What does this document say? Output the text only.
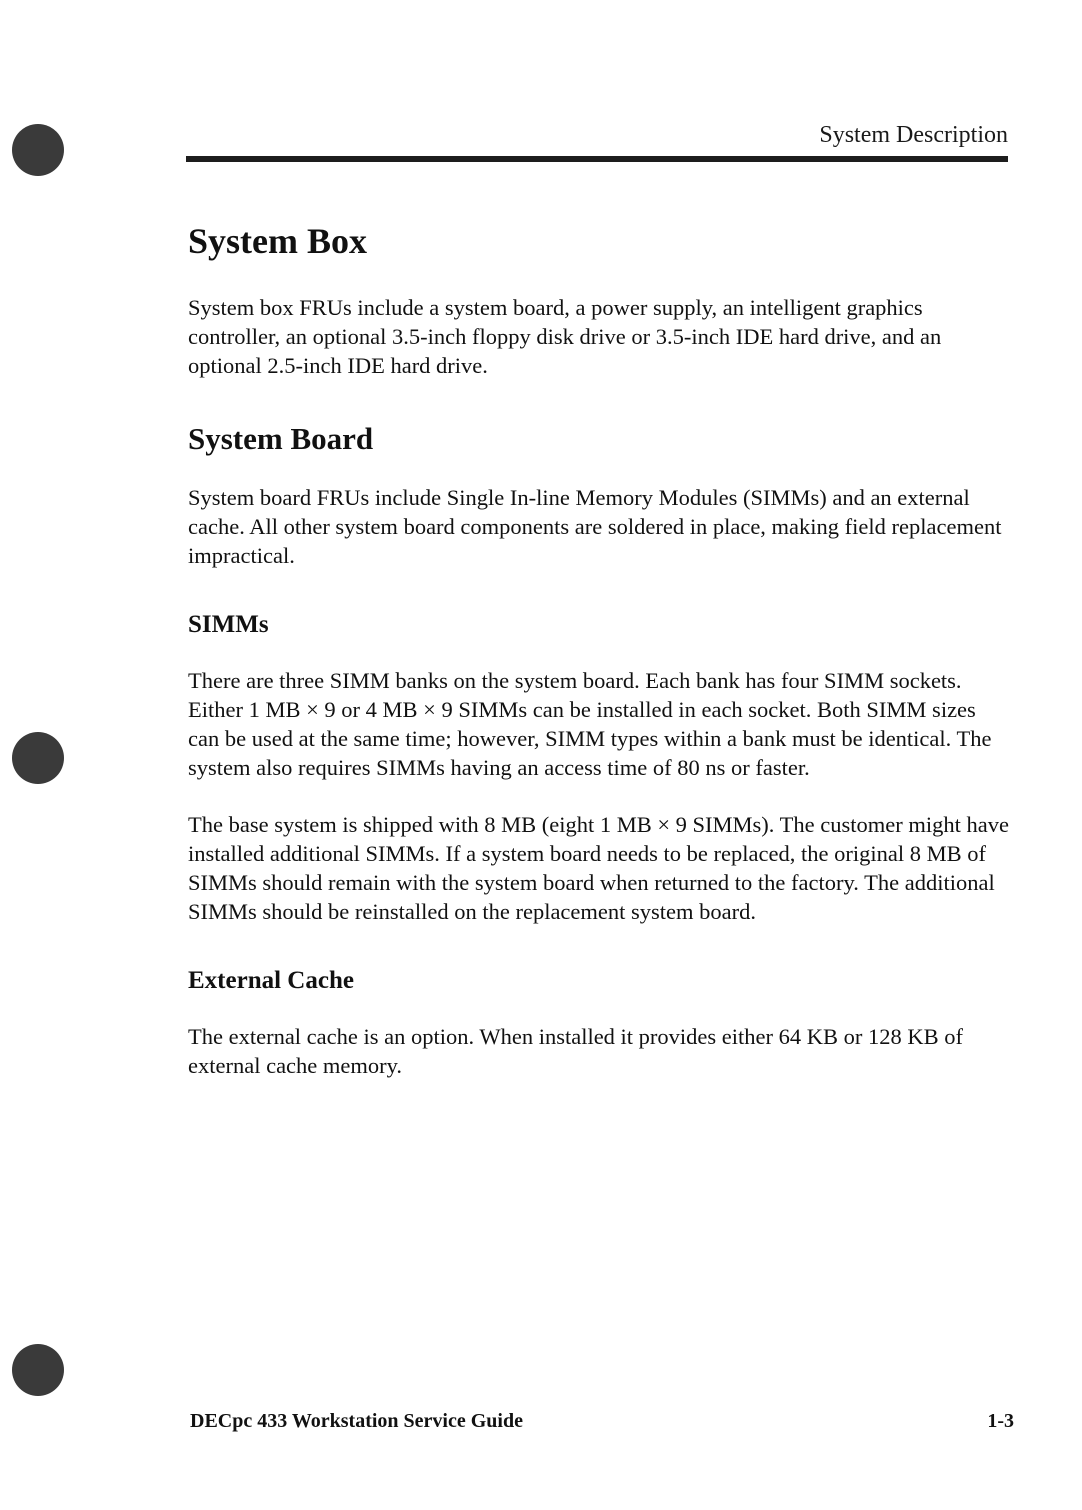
System Description
System Box

System box FRUs include a system board, a power supply, an intelligent graphics controller, an optional 3.5-inch floppy disk drive or 3.5-inch IDE hard drive, and an optional 2.5-inch IDE hard drive.

System Board

System board FRUs include Single In-line Memory Modules (SIMMs) and an external cache. All other system board components are soldered in place, making field replacement impractical.

SIMMs

There are three SIMM banks on the system board. Each bank has four SIMM sockets. Either 1 MB × 9 or 4 MB × 9 SIMMs can be installed in each socket. Both SIMM sizes can be used at the same time; however, SIMM types within a bank must be identical. The system also requires SIMMs having an access time of 80 ns or faster.

The base system is shipped with 8 MB (eight 1 MB × 9 SIMMs). The customer might have installed additional SIMMs. If a system board needs to be replaced, the original 8 MB of SIMMs should remain with the system board when returned to the factory. The additional SIMMs should be reinstalled on the replacement system board.

External Cache

The external cache is an option. When installed it provides either 64 KB or 128 KB of external cache memory.

DECpc 433 Workstation Service Guide	1-3
